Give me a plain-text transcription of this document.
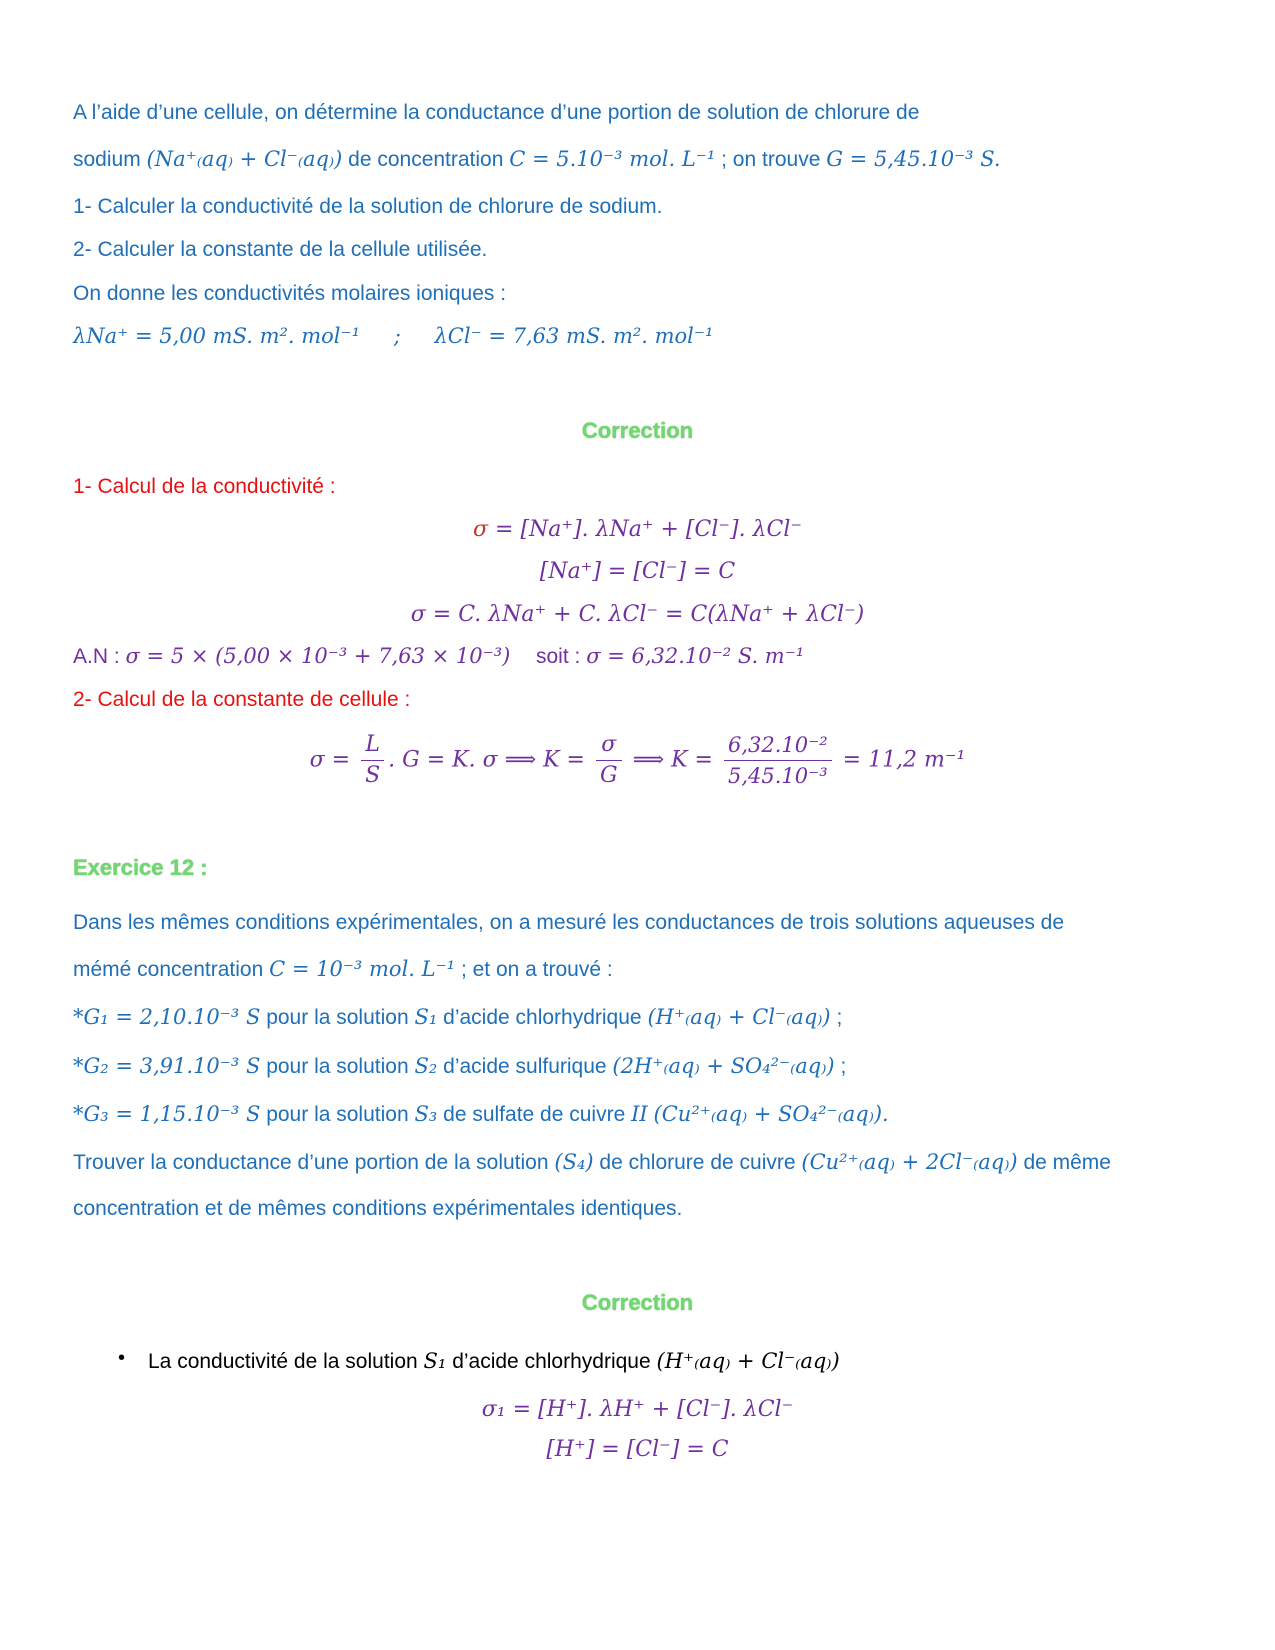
A l’aide d’une cellule, on détermine la conductance d’une portion de solution de chlorure de
sodium (Na⁺₍aq₎ + Cl⁻₍aq₎) de concentration C = 5.10⁻³ mol. L⁻¹ ; on trouve G = 5,45.10⁻³ S.
1- Calculer la conductivité de la solution de chlorure de sodium.
2- Calculer la constante de la cellule utilisée.
On donne les conductivités molaires ioniques :
λNa⁺ = 5,00 mS. m². mol⁻¹ ; λCl⁻ = 7,63 mS. m². mol⁻¹
Correction
1- Calcul de la conductivité :
σ = [Na⁺]. λNa⁺ + [Cl⁻]. λCl⁻
[Na⁺] = [Cl⁻] = C
σ = C. λNa⁺ + C. λCl⁻ = C(λNa⁺ + λCl⁻)
A.N : σ = 5 × (5,00 × 10⁻³ + 7,63 × 10⁻³) soit : σ = 6,32.10⁻² S. m⁻¹
2- Calcul de la constante de cellule :
$\sigma = \frac{L}{S}$ . G = K. σ ⟹ $K = \frac{\sigma}{G}$ ⟹ $K = \frac{\text{6,32.10⁻²}}{\text{5,45.10⁻³}} = 11,2$ m⁻¹
Exercice 12 :
Dans les mêmes conditions expérimentales, on a mesuré les conductances de trois solutions aqueuses de
mémé concentration C = 10⁻³ mol. L⁻¹ ; et on a trouvé :
*G₁ = 2,10.10⁻³ S pour la solution S₁ d’acide chlorhydrique (H⁺₍aq₎ + Cl⁻₍aq₎) ;
*G₂ = 3,91.10⁻³ S pour la solution S₂ d’acide sulfurique (2H⁺₍aq₎ + SO₄²⁻₍aq₎) ;
*G₃ = 1,15.10⁻³ S pour la solution S₃ de sulfate de cuivre II (Cu²⁺₍aq₎ + SO₄²⁻₍aq₎).
Trouver la conductance d’une portion de la solution (S₄) de chlorure de cuivre (Cu²⁺₍aq₎ + 2Cl⁻₍aq₎) de même
concentration et de mêmes conditions expérimentales identiques.
Correction
• La conductivité de la solution S₁ d’acide chlorhydrique (H⁺₍aq₎ + Cl⁻₍aq₎)
σ₁ = [H⁺]. λH⁺ + [Cl⁻]. λCl⁻
[H⁺] = [Cl⁻] = C
